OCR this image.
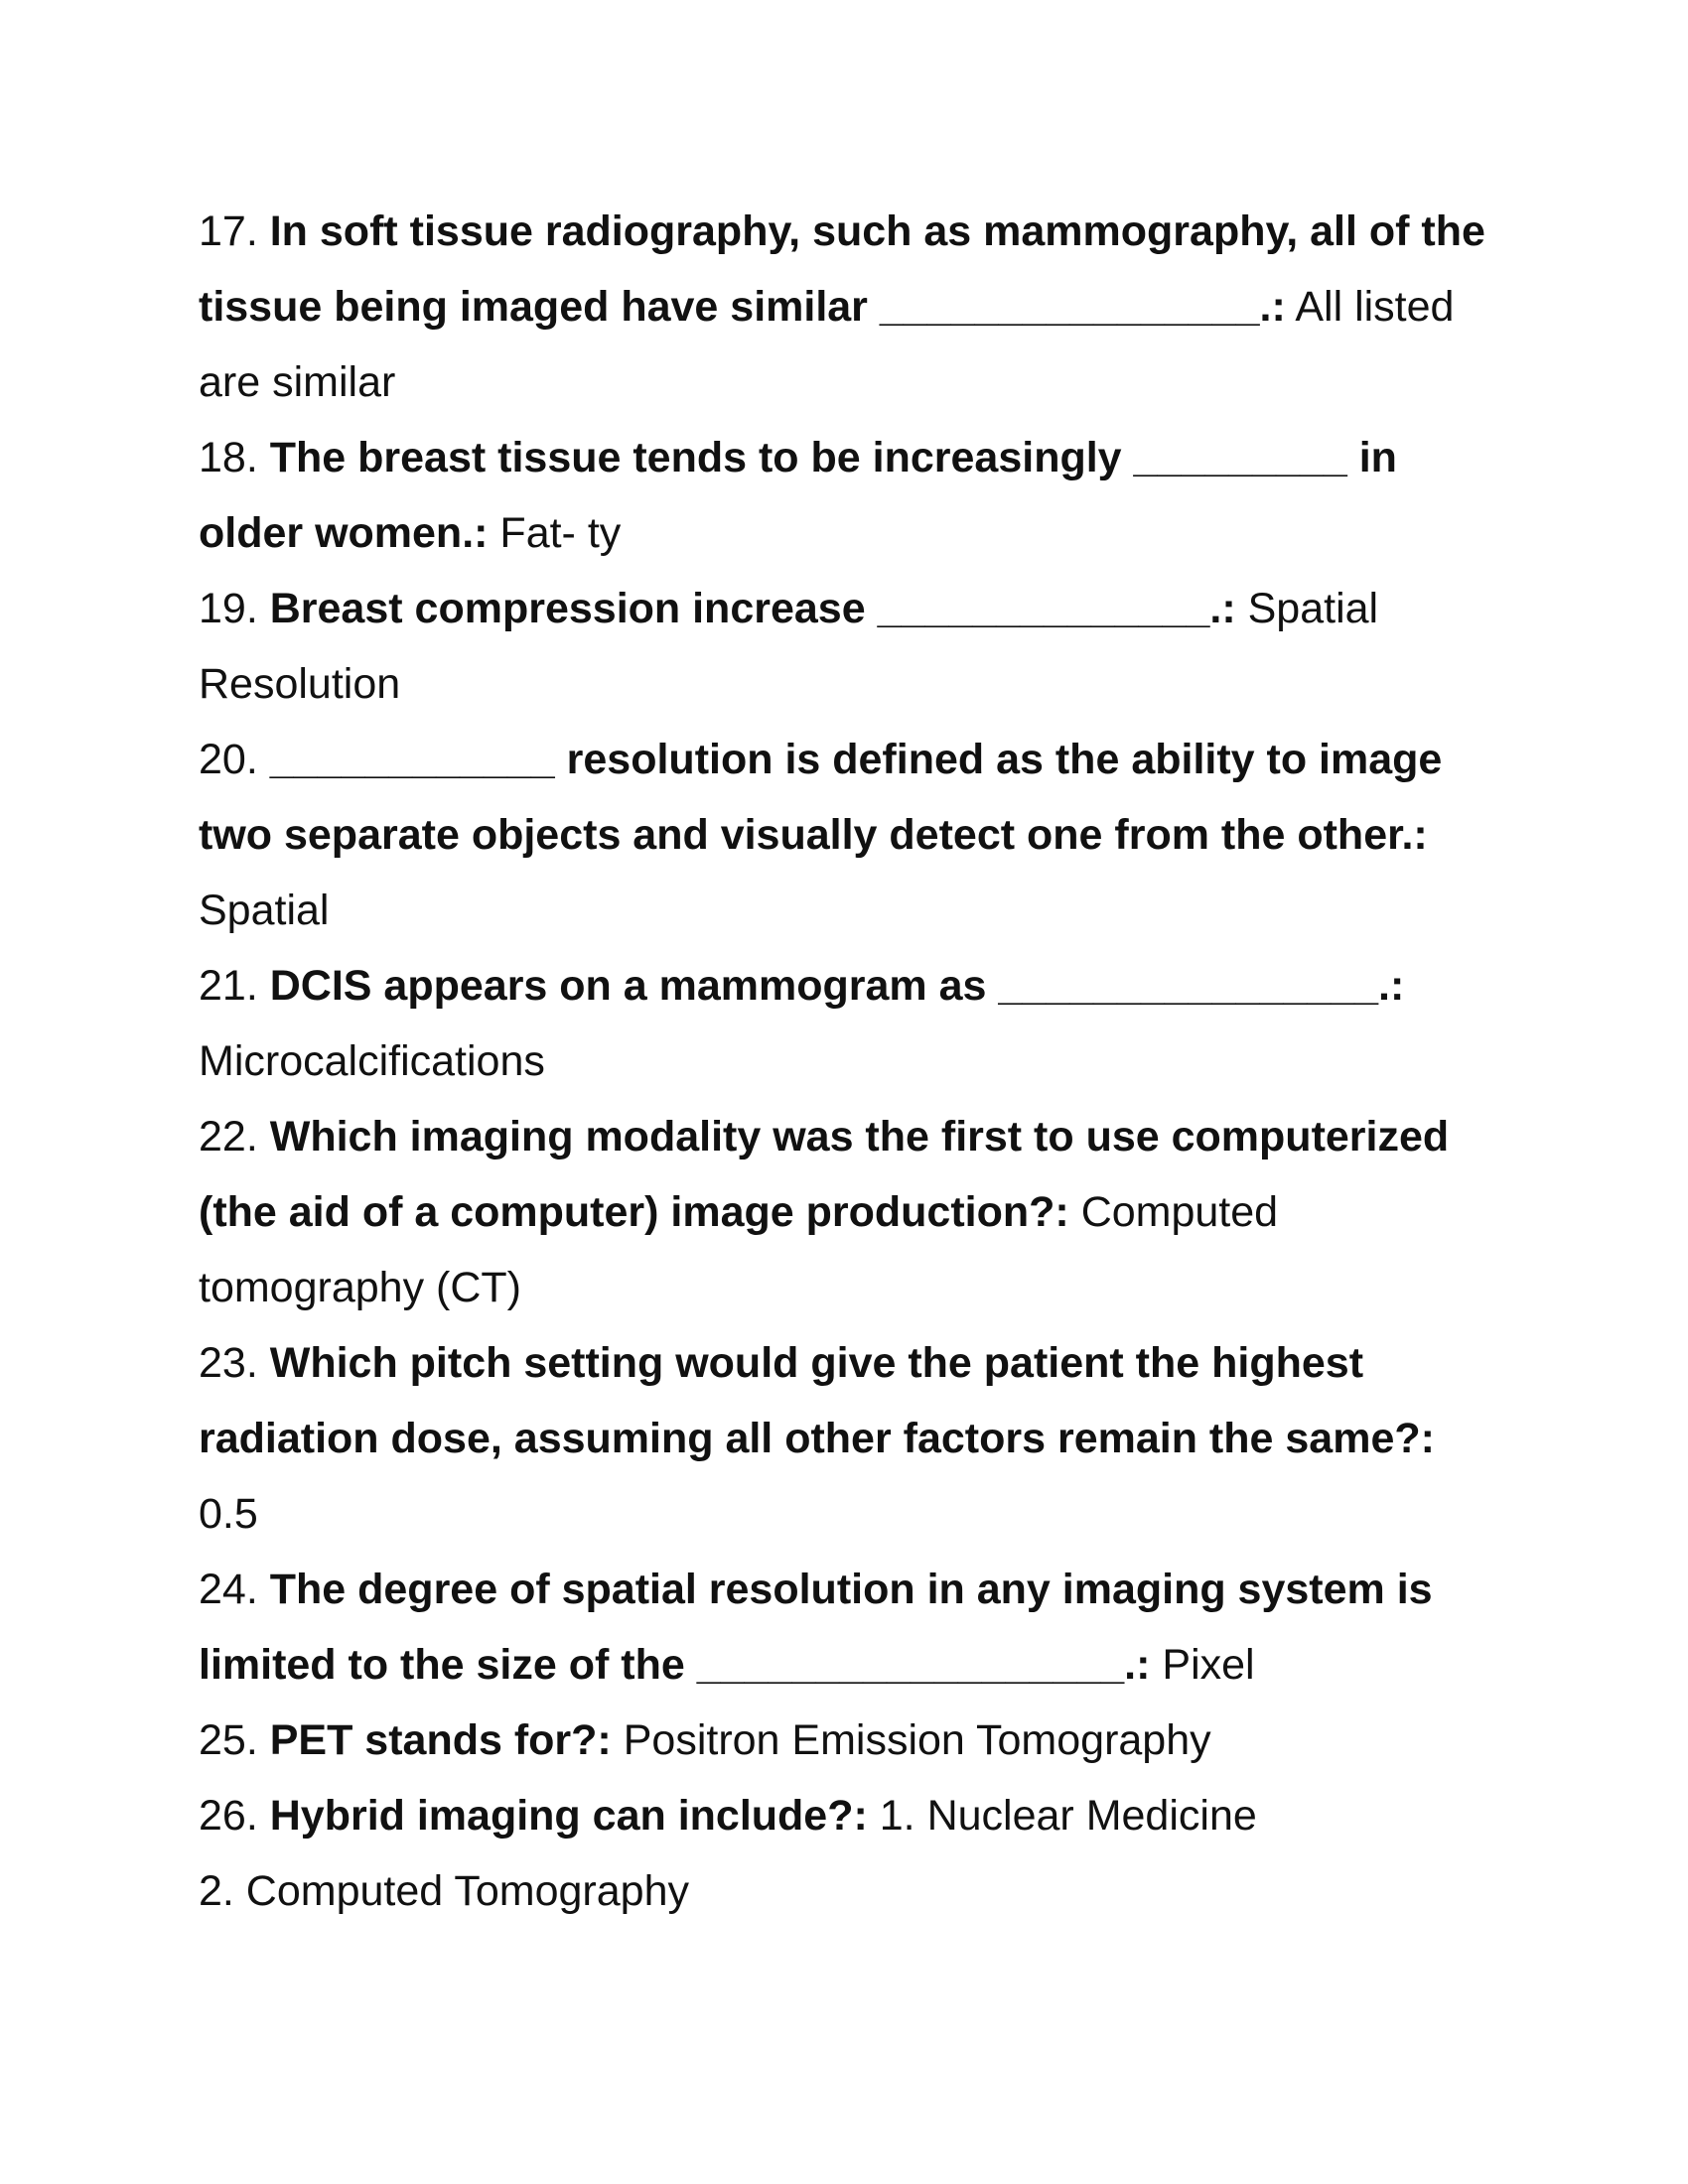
17. In soft tissue radiography, such as mammography, all of the tissue being imaged have similar ________________.: All listed are similar

18. The breast tissue tends to be increasingly _________ in older women.: Fat- ty

19. Breast compression increase ______________.: Spatial Resolution

20. ____________ resolution is defined as the ability to image two separate objects and visually detect one from the other.: Spatial

21. DCIS appears on a mammogram as ________________.: Microcalcifications

22. Which imaging modality was the first to use computerized (the aid of a computer) image production?: Computed tomography (CT)

23. Which pitch setting would give the patient the highest radiation dose, assuming all other factors remain the same?: 0.5

24. The degree of spatial resolution in any imaging system is limited to the size of the __________________.: Pixel

25. PET stands for?: Positron Emission Tomography

26. Hybrid imaging can include?: 1. Nuclear Medicine

2. Computed Tomography
